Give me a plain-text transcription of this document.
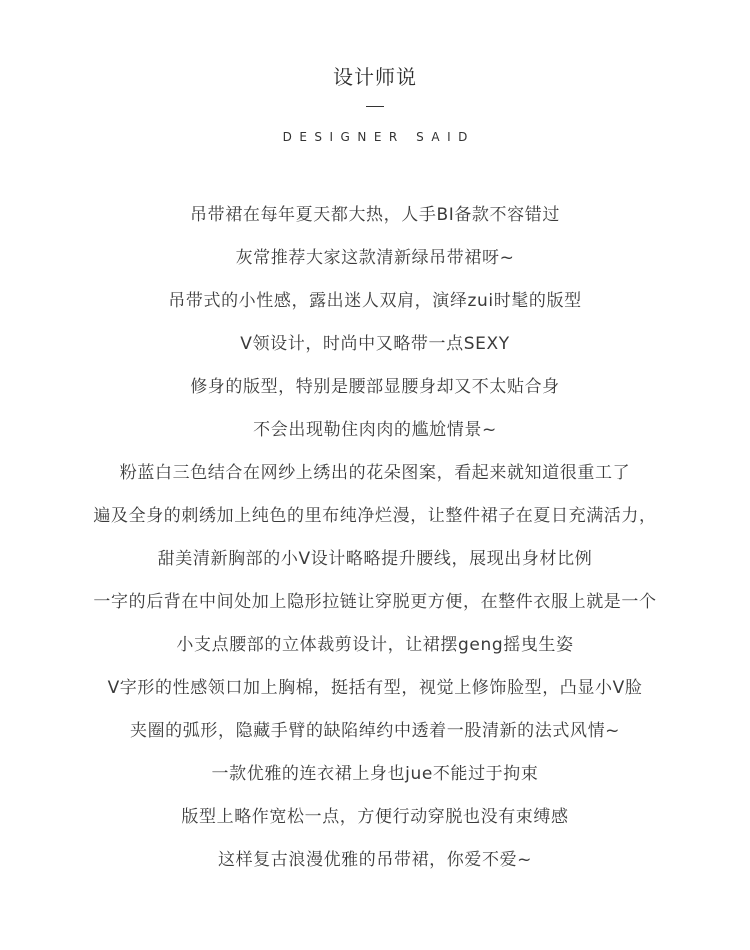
设计师说
DESIGNER SAID
吊带裙在每年夏天都大热，人手BI备款不容错过
灰常推荐大家这款清新绿吊带裙呀~
吊带式的小性感，露出迷人双肩，演绎zui时髦的版型
V领设计，时尚中又略带一点SEXY
修身的版型，特别是腰部显腰身却又不太贴合身
不会出现勒住肉肉的尴尬情景~
粉蓝白三色结合在网纱上绣出的花朵图案，看起来就知道很重工了
遍及全身的刺绣加上纯色的里布纯净烂漫，让整件裙子在夏日充满活力，
甜美清新胸部的小V设计略略提升腰线，展现出身材比例
一字的后背在中间处加上隐形拉链让穿脱更方便，在整件衣服上就是一个
小支点腰部的立体裁剪设计，让裙摆geng摇曳生姿
V字形的性感领口加上胸棉，挺括有型，视觉上修饰脸型，凸显小V脸
夹圈的弧形，隐藏手臂的缺陷绰约中透着一股清新的法式风情~
一款优雅的连衣裙上身也jue不能过于拘束
版型上略作宽松一点，方便行动穿脱也没有束缚感
这样复古浪漫优雅的吊带裙，你爱不爱~
